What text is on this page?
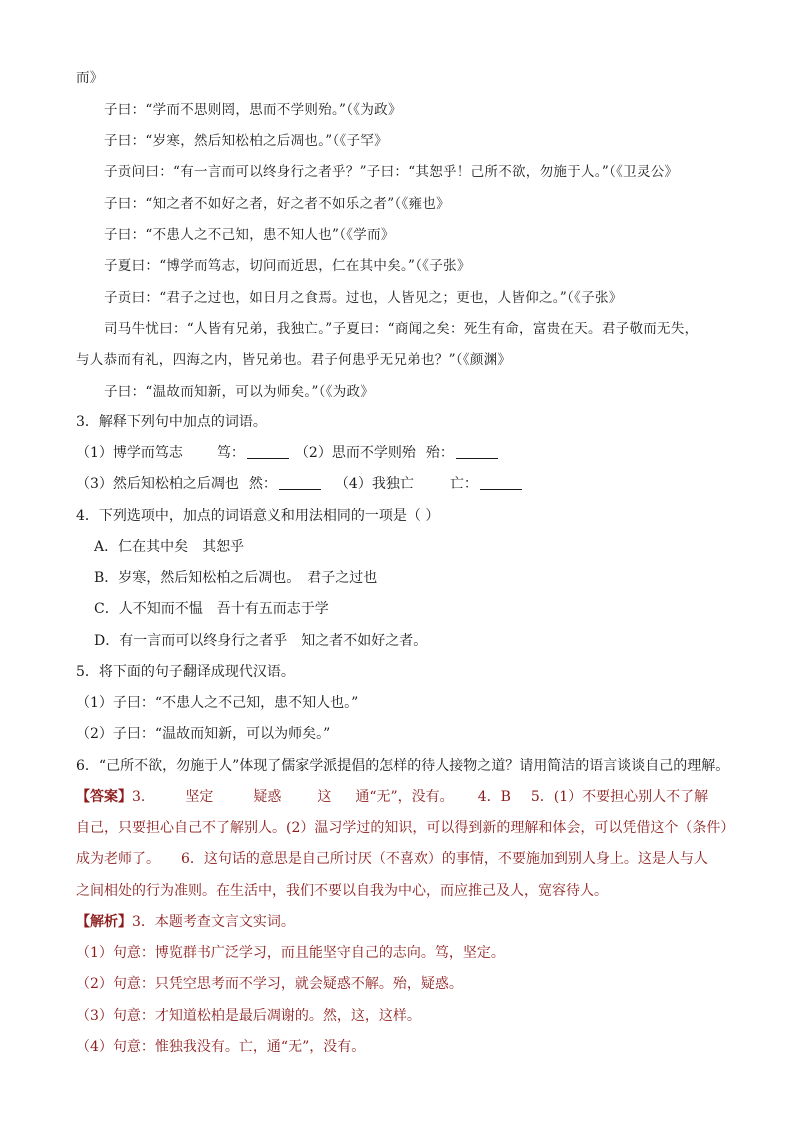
而》
子曰：“学而不思则罔，思而不学则殆。”（《为政》
子曰：“岁寒，然后知松柏之后凋也。”（《子罕》
子贡问曰：“有一言而可以终身行之者乎？”子曰：“其恕乎！己所不欲，勿施于人。”（《卫灵公》
子曰：“知之者不如好之者，好之者不如乐之者”（《雍也》
子曰：“不患人之不己知，患不知人也”（《学而》
子夏曰：“博学而笃志，切问而近思，仁在其中矣。”（《子张》
子贡曰：“君子之过也，如日月之食焉。过也，人皆见之；更也，人皆仰之。”（《子张》
司马牛忧曰：“人皆有兄弟，我独亡。”子夏曰：“商闻之矣：死生有命，富贵在天。君子敬而无失，
与人恭而有礼，四海之内，皆兄弟也。君子何患乎无兄弟也？”（《颜渊》
子曰：“温故而知新，可以为师矣。”（《为政》
3．解释下列句中加点的词语。
（1）博学而笃志 笃：	（2）思而不学则殆 殆：
（3）然后知松柏之后凋也 然：	（4）我独亡	亡：
4．下列选项中，加点的词语意义和用法相同的一项是（ ）
A．仁在其中矣　其恕乎
B．岁寒，然后知松柏之后凋也。　君子之过也
C．人不知而不愠　吾十有五而志于学
D．有一言而可以终身行之者乎　知之者不如好之者。
5．将下面的句子翻译成现代汉语。
（1）子曰：“不患人之不己知，患不知人也。”
（2）子曰：“温故而知新，可以为师矣。”
6．“己所不欲，勿施于人”体现了儒家学派提倡的怎样的待人接物之道？请用简洁的语言谈谈自己的理解。
【答案】3.	坚定	疑惑	这 通“无”，没有。 4．B 5．(1）不要担心别人不了解
自己，只要担心自己不了解别人。(2）温习学过的知识，可以得到新的理解和体会，可以凭借这个（条件）
成为老师了。　　6．这句话的意思是自己所讨厌（不喜欢）的事情，不要施加到别人身上。这是人与人
之间相处的行为准则。在生活中，我们不要以自我为中心，而应推己及人，宽容待人。
【解析】3．本题考查文言文实词。
（1）句意：博览群书广泛学习，而且能坚守自己的志向。笃，坚定。
（2）句意：只凭空思考而不学习，就会疑惑不解。殆，疑惑。
（3）句意：才知道松柏是最后凋谢的。然，这，这样。
（4）句意：惟独我没有。亡，通“无”，没有。
